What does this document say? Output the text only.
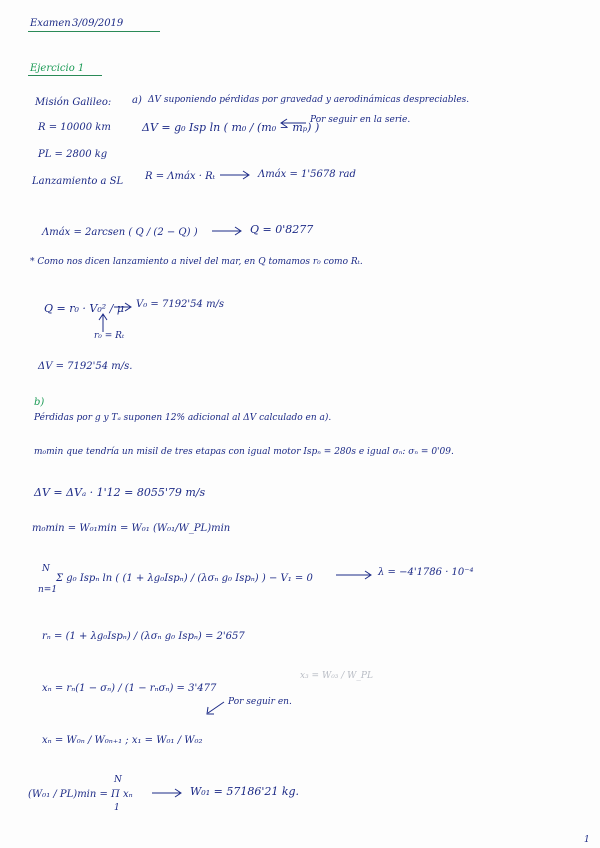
Examen 3/09/2019
Ejercicio 1
Misión Galileo:
R = 10000 km
PL = 2800 kg
Lanzamiento a SL
a) ΔV suponiendo pérdidas por gravedad y aerodinámicas despreciables.
ΔV = g₀ Isp ln ( m₀ / (m₀ − mₚ) )
Por seguir en la serie.
R = Λmáx · Rₜ	Λmáx = 1'5678 rad
Λmáx = 2arcsen ( Q / (2 − Q) )	Q = 0'8277
* Como nos dicen lanzamiento a nivel del mar, en Q tomamos r₀ como Rₜ.
Q = r₀ · V₀² / μ
r₀ = Rₜ
V₀ = 7192'54 m/s
ΔV = 7192'54 m/s.
b)
Pérdidas por g y Tₐ suponen 12% adicional al ΔV calculado en a).
m₀min que tendría un misil de tres etapas con igual motor Ispₙ = 280s e igual σₙ: σₙ = 0'09.
ΔV = ΔVₐ · 1'12 = 8055'79 m/s
m₀min = W₀₁min = W₀₁ (W₀₁/W_PL)min
N
n=1
Σ g₀ Ispₙ ln ( (1 + λg₀Ispₙ) / (λσₙ g₀ Ispₙ) ) − V₁ = 0
λ = −4'1786 · 10⁻⁴
rₙ = (1 + λg₀Ispₙ) / (λσₙ g₀ Ispₙ) = 2'657
xₙ = rₙ(1 − σₙ) / (1 − rₙσₙ) = 3'477
x₃ = W₀₃ / W_PL
Por seguir en.
xₙ = W₀ₙ / W₀ₙ₊₁ ; x₁ = W₀₁ / W₀₂
N
1
(W₀₁ / PL)min = Π xₙ	W₀₁ = 57186'21 kg.
1
